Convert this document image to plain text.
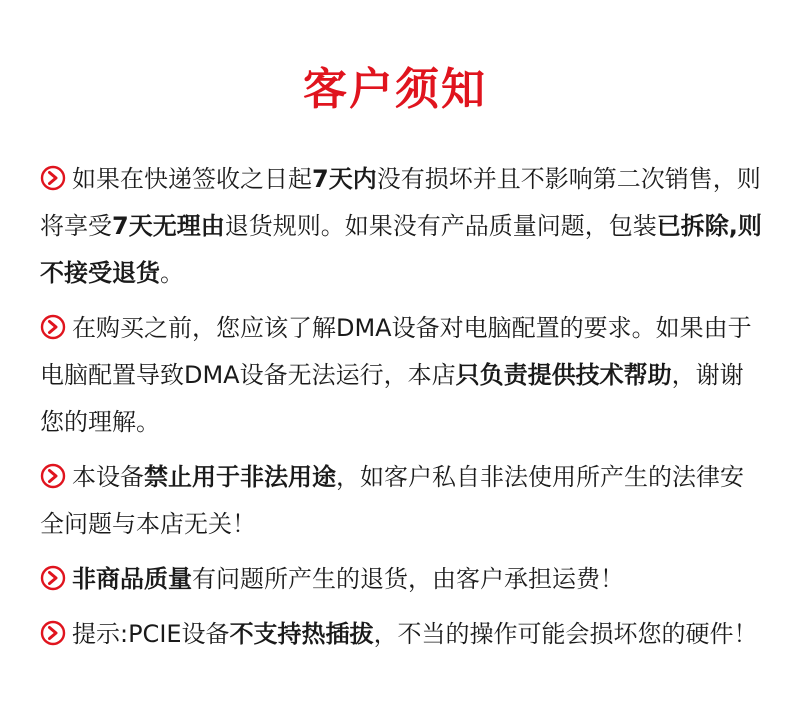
客户须知
如果在快递签收之日起7天内没有损坏并且不影响第二次销售，则将享受7天无理由退货规则。如果没有产品质量问题，包装已拆除,则不接受退货。
在购买之前，您应该了解DMA设备对电脑配置的要求。如果由于电脑配置导致DMA设备无法运行，本店只负责提供技术帮助，谢谢您的理解。
本设备禁止用于非法用途，如客户私自非法使用所产生的法律安全问题与本店无关！
非商品质量有问题所产生的退货，由客户承担运费！
提示:PCIE设备不支持热插拔，不当的操作可能会损坏您的硬件！
